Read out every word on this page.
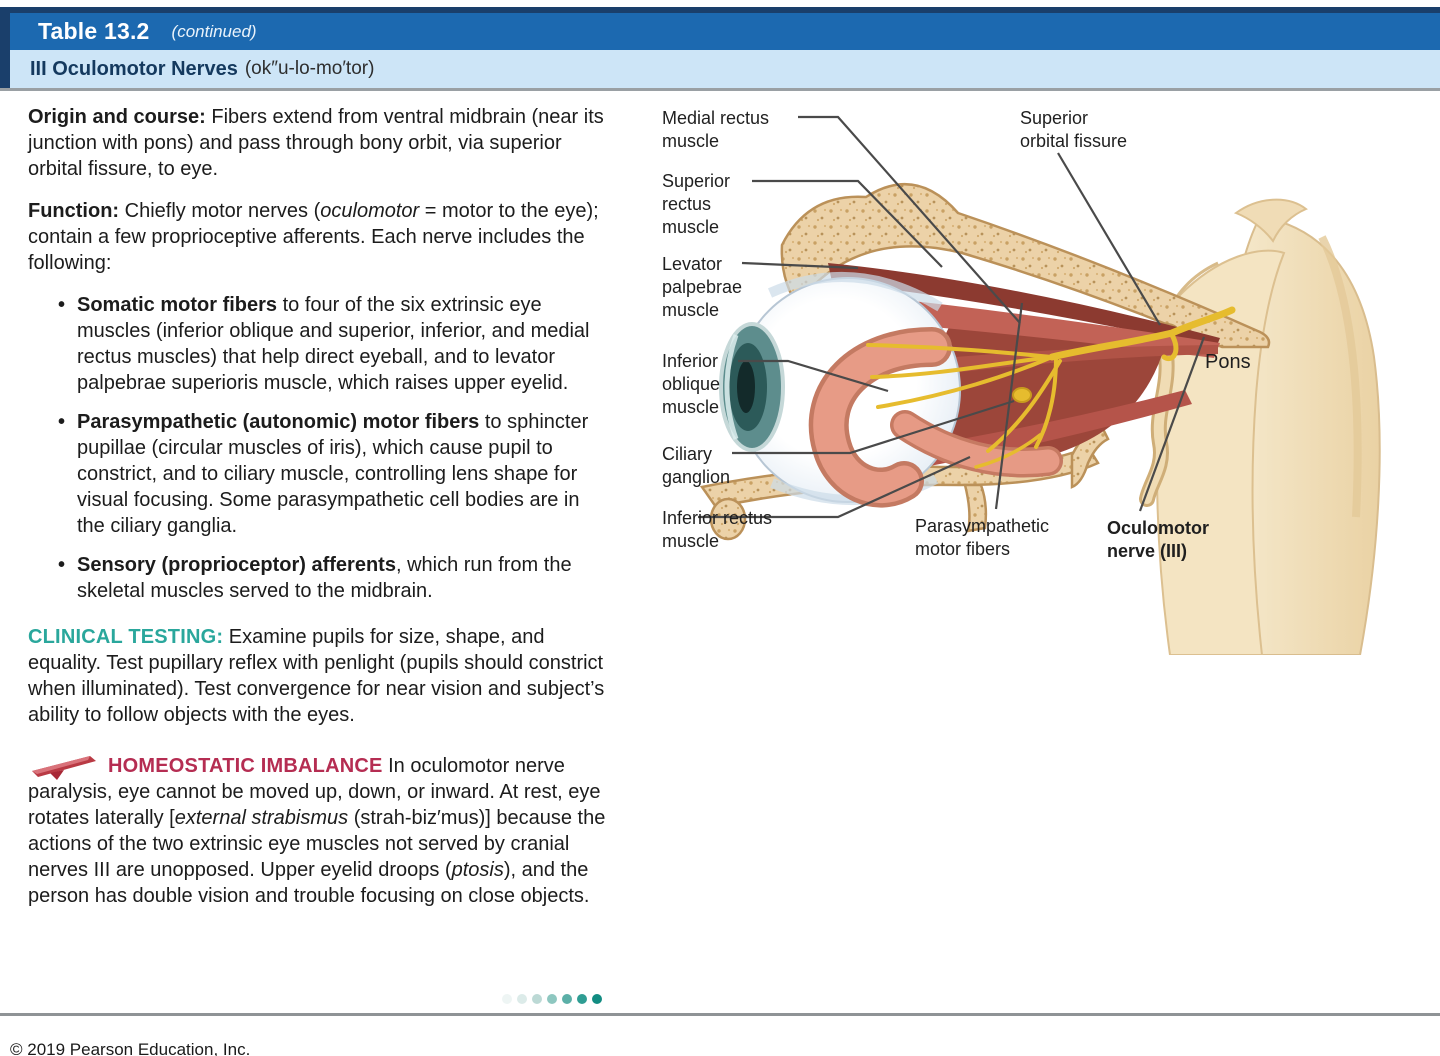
Table 13.2 (continued)
III Oculomotor Nerves (ok″u-lo-mo′tor)

Origin and course: Fibers extend from ventral midbrain (near its junction with pons) and pass through bony orbit, via superior orbital fissure, to eye.

Function: Chiefly motor nerves (oculomotor = motor to the eye); contain a few proprioceptive afferents. Each nerve includes the following:

• Somatic motor fibers to four of the six extrinsic eye muscles (inferior oblique and superior, inferior, and medial rectus muscles) that help direct eyeball, and to levator palpebrae superioris muscle, which raises upper eyelid.
• Parasympathetic (autonomic) motor fibers to sphincter pupillae (circular muscles of iris), which cause pupil to constrict, and to ciliary muscle, controlling lens shape for visual focusing. Some parasympathetic cell bodies are in the ciliary ganglia.
• Sensory (proprioceptor) afferents, which run from the skeletal muscles served to the midbrain.

CLINICAL TESTING: Examine pupils for size, shape, and equality. Test pupillary reflex with penlight (pupils should constrict when illuminated). Test convergence for near vision and subject’s ability to follow objects with the eyes.

HOMEOSTATIC IMBALANCE In oculomotor nerve paralysis, eye cannot be moved up, down, or inward. At rest, eye rotates laterally [external strabismus (strah-biz′mus)] because the actions of the two extrinsic eye muscles not served by cranial nerves III are unopposed. Upper eyelid droops (ptosis), and the person has double vision and trouble focusing on close objects.

Medial rectus muscle
Superior rectus muscle
Levator palpebrae muscle
Inferior oblique muscle
Ciliary ganglion
Inferior rectus muscle
Superior orbital fissure
Pons
Parasympathetic motor fibers
Oculomotor nerve (III)

© 2019 Pearson Education, Inc.
